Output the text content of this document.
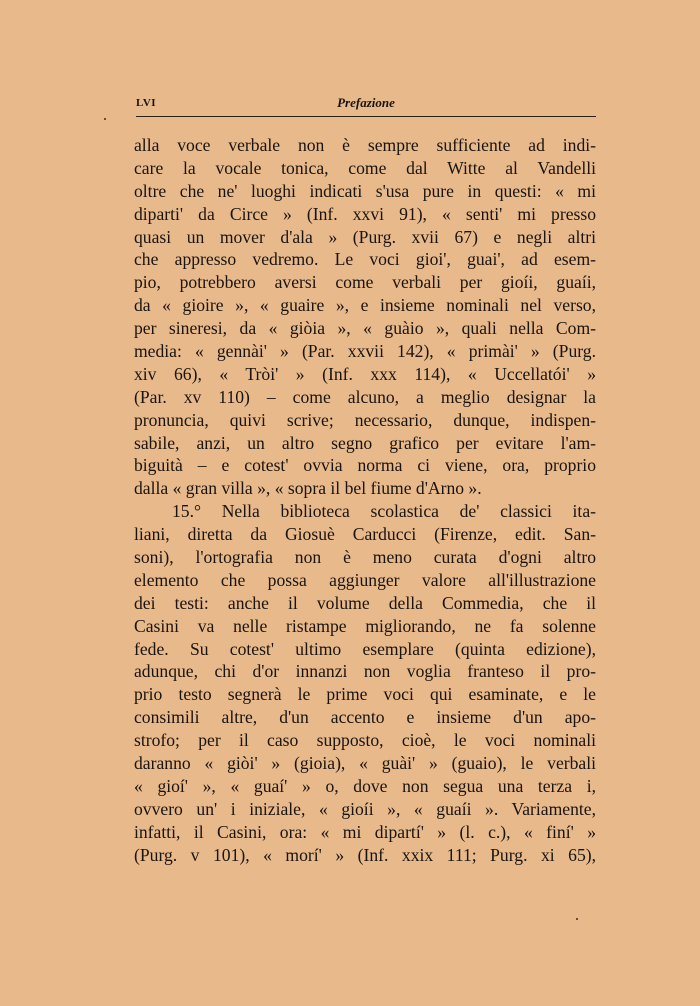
LVI	Prefazione
alla voce verbale non è sempre sufficiente ad indi-
care la vocale tonica, come dal Witte al Vandelli
oltre che ne' luoghi indicati s'usa pure in questi: « mi
diparti' da Circe » (Inf. xxvi 91), « senti' mi presso
quasi un mover d'ala » (Purg. xvii 67) e negli altri
che appresso vedremo. Le voci gioi', guai', ad esem-
pio, potrebbero aversi come verbali per gioíi, guaíi,
da « gioire », « guaire », e insieme nominali nel verso,
per sineresi, da « giòia », « guàio », quali nella Com-
media: « gennài' » (Par. xxvii 142), « primài' » (Purg.
xiv 66), « Tròi' » (Inf. xxx 114), « Uccellatói' »
(Par. xv 110) – come alcuno, a meglio designar la
pronuncia, quivi scrive; necessario, dunque, indispen-
sabile, anzi, un altro segno grafico per evitare l'am-
biguità – e cotest' ovvia norma ci viene, ora, proprio
dalla « gran villa », « sopra il bel fiume d'Arno ».
15.° Nella biblioteca scolastica de' classici ita-
liani, diretta da Giosuè Carducci (Firenze, edit. San-
soni), l'ortografia non è meno curata d'ogni altro
elemento che possa aggiunger valore all'illustrazione
dei testi: anche il volume della Commedia, che il
Casini va nelle ristampe migliorando, ne fa solenne
fede. Su cotest' ultimo esemplare (quinta edizione),
adunque, chi d'or innanzi non voglia franteso il pro-
prio testo segnerà le prime voci qui esaminate, e le
consimili altre, d'un accento e insieme d'un apo-
strofo; per il caso supposto, cioè, le voci nominali
daranno « giòi' » (gioia), « guài' » (guaio), le verbali
« gioí' », « guaí' » o, dove non segua una terza i,
ovvero un' i iniziale, « gioíi », « guaíi ». Variamente,
infatti, il Casini, ora: « mi dipartí' » (l. c.), « finí' »
(Purg. v 101), « morí' » (Inf. xxix 111; Purg. xi 65),
